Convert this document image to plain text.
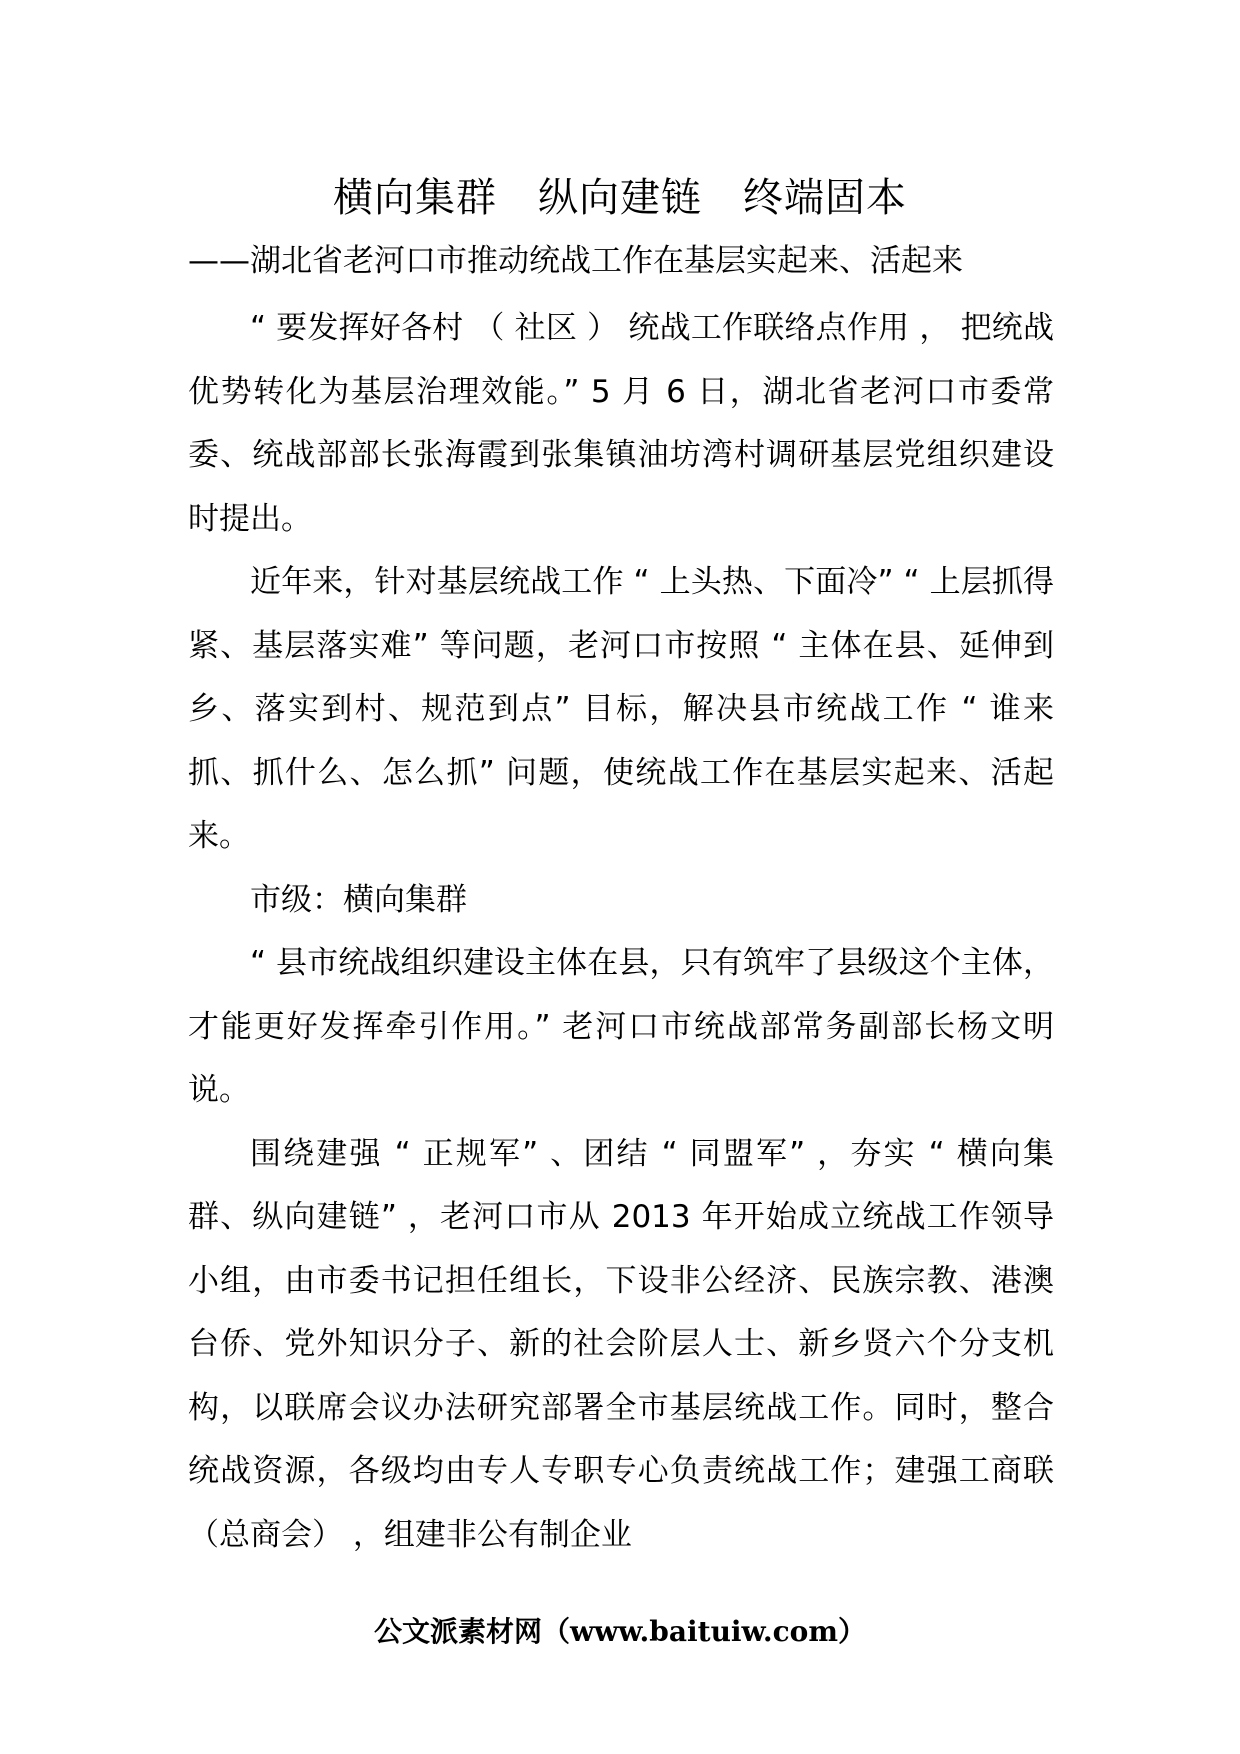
横向集群　纵向建链　终端固本
——湖北省老河口市推动统战工作在基层实起来、活起来

“ 要发挥好各村 （ 社区 ） 统战工作联络点作用 ， 把统战优势转化为基层治理效能。” 5 月 6 日，湖北省老河口市委常委、统战部部长张海霞到张集镇油坊湾村调研基层党组织建设时提出。

近年来，针对基层统战工作 “ 上头热、下面冷” “ 上层抓得紧、基层落实难” 等问题，老河口市按照 “ 主体在县、延伸到乡、落实到村、规范到点” 目标，解决县市统战工作 “ 谁来抓、抓什么、怎么抓” 问题，使统战工作在基层实起来、活起来。

市级：横向集群

“ 县市统战组织建设主体在县，只有筑牢了县级这个主体，才能更好发挥牵引作用。” 老河口市统战部常务副部长杨文明说。

围绕建强 “ 正规军” 、团结 “ 同盟军” ，夯实 “ 横向集群、纵向建链” ，老河口市从 2013 年开始成立统战工作领导小组，由市委书记担任组长，下设非公经济、民族宗教、港澳台侨、党外知识分子、新的社会阶层人士、新乡贤六个分支机构，以联席会议办法研究部署全市基层统战工作。同时，整合统战资源，各级均由专人专职专心负责统战工作；建强工商联（总商会） ，组建非公有制企业

公文派素材网（www.baituiw.com）
